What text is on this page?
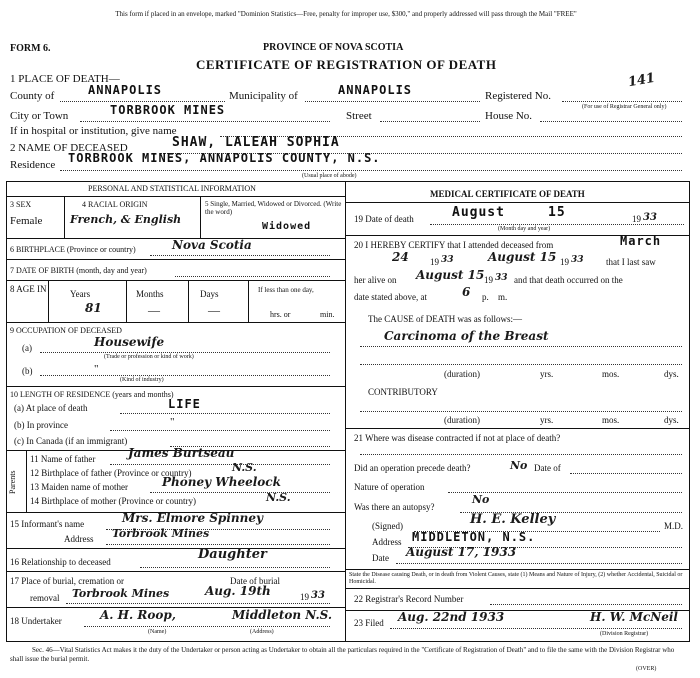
This form if placed in an envelope, marked "Dominion Statistics—Free, penalty for improper use, $300," and properly addressed will pass through the Mail "FREE"
FORM 6.	PROVINCE OF NOVA SCOTIA
CERTIFICATE OF REGISTRATION OF DEATH
1 PLACE OF DEATH—
County of	ANNAPOLIS	Municipality of	ANNAPOLIS	Registered No.
141
(For use of Registrar General only)
City or Town	TORBROOK MINES	Street	House No.
If in hospital or institution, give name
2 NAME OF DECEASED	SHAW, LALEAH SOPHIA
Residence TORBROOK MINES, ANNAPOLIS COUNTY, N.S.
(Usual place of abode)
PERSONAL AND STATISTICAL INFORMATION
3 SEX	4 RACIAL ORIGIN	5 Single, Married, Widowed or Divorced. (Write the word)
Female	French, & English
Widowed
6 BIRTHPLACE (Province or country)	Nova Scotia
7 DATE OF BIRTH (month, day and year)
8 AGE IN	Years
81
Months
—
Days
—
If less than one day,
hrs. or	min.
9 OCCUPATION OF DECEASED
(a)	Housewife
(Trade or profession or kind of work)
(b)	"
(Kind of industry)
10 LENGTH OF RESIDENCE (years and months)
(a) At place of death	LIFE
(b) In province	"
(c) In Canada (if an immigrant)
Parents
11 Name of father	James Burtseau
12 Birthplace of father (Province or country)	N.S.
13 Maiden name of mother	Phoney Wheelock
14 Birthplace of mother (Province or country)	N.S.
15 Informant's name	Mrs. Elmore Spinney
Address Torbrook Mines
16 Relationship to deceased	Daughter
17 Place of burial, cremation or	Date of burial
removal Torbrook Mines	Aug. 19th	19 33
18 Undertaker	A. H. Roop,	Middleton N.S.
(Name)	(Address)
MEDICAL CERTIFICATE OF DEATH
19 Date of death	August	15	19 33
(Month day and year)
20 I HEREBY CERTIFY that I attended deceased from	March
24 19 33	August 15 19 33 that I last saw
her alive on August 15 19 33 and that death occurred on the
date stated above, at	6 p. m.
The CAUSE of DEATH was as follows:—
Carcinoma of the Breast
(duration)	yrs.	mos.	dys.
CONTRIBUTORY
(duration)	yrs.	mos.	dys.
21 Where was disease contracted if not at place of death?
Did an operation precede death?	No Date of
Nature of operation
Was there an autopsy?
No
(Signed)	H. E. Kelley	M.D.
Address MIDDLETON, N.S.
Date August 17, 1933
State the Disease causing Death, or in death from Violent Causes, state (1) Means and Nature of Injury, (2) whether Accidental, Suicidal or Homicidal.
22 Registrar's Record Number
23 Filed Aug. 22nd 1933	H. W. McNeil
(Division Registrar)
Sec. 46—Vital Statistics Act makes it the duty of the Undertaker or person acting as Undertaker to obtain all the particulars required in the "Certificate of Registration of Death" and to file the same with the Division Registrar who shall issue the burial permit.
(OVER)
